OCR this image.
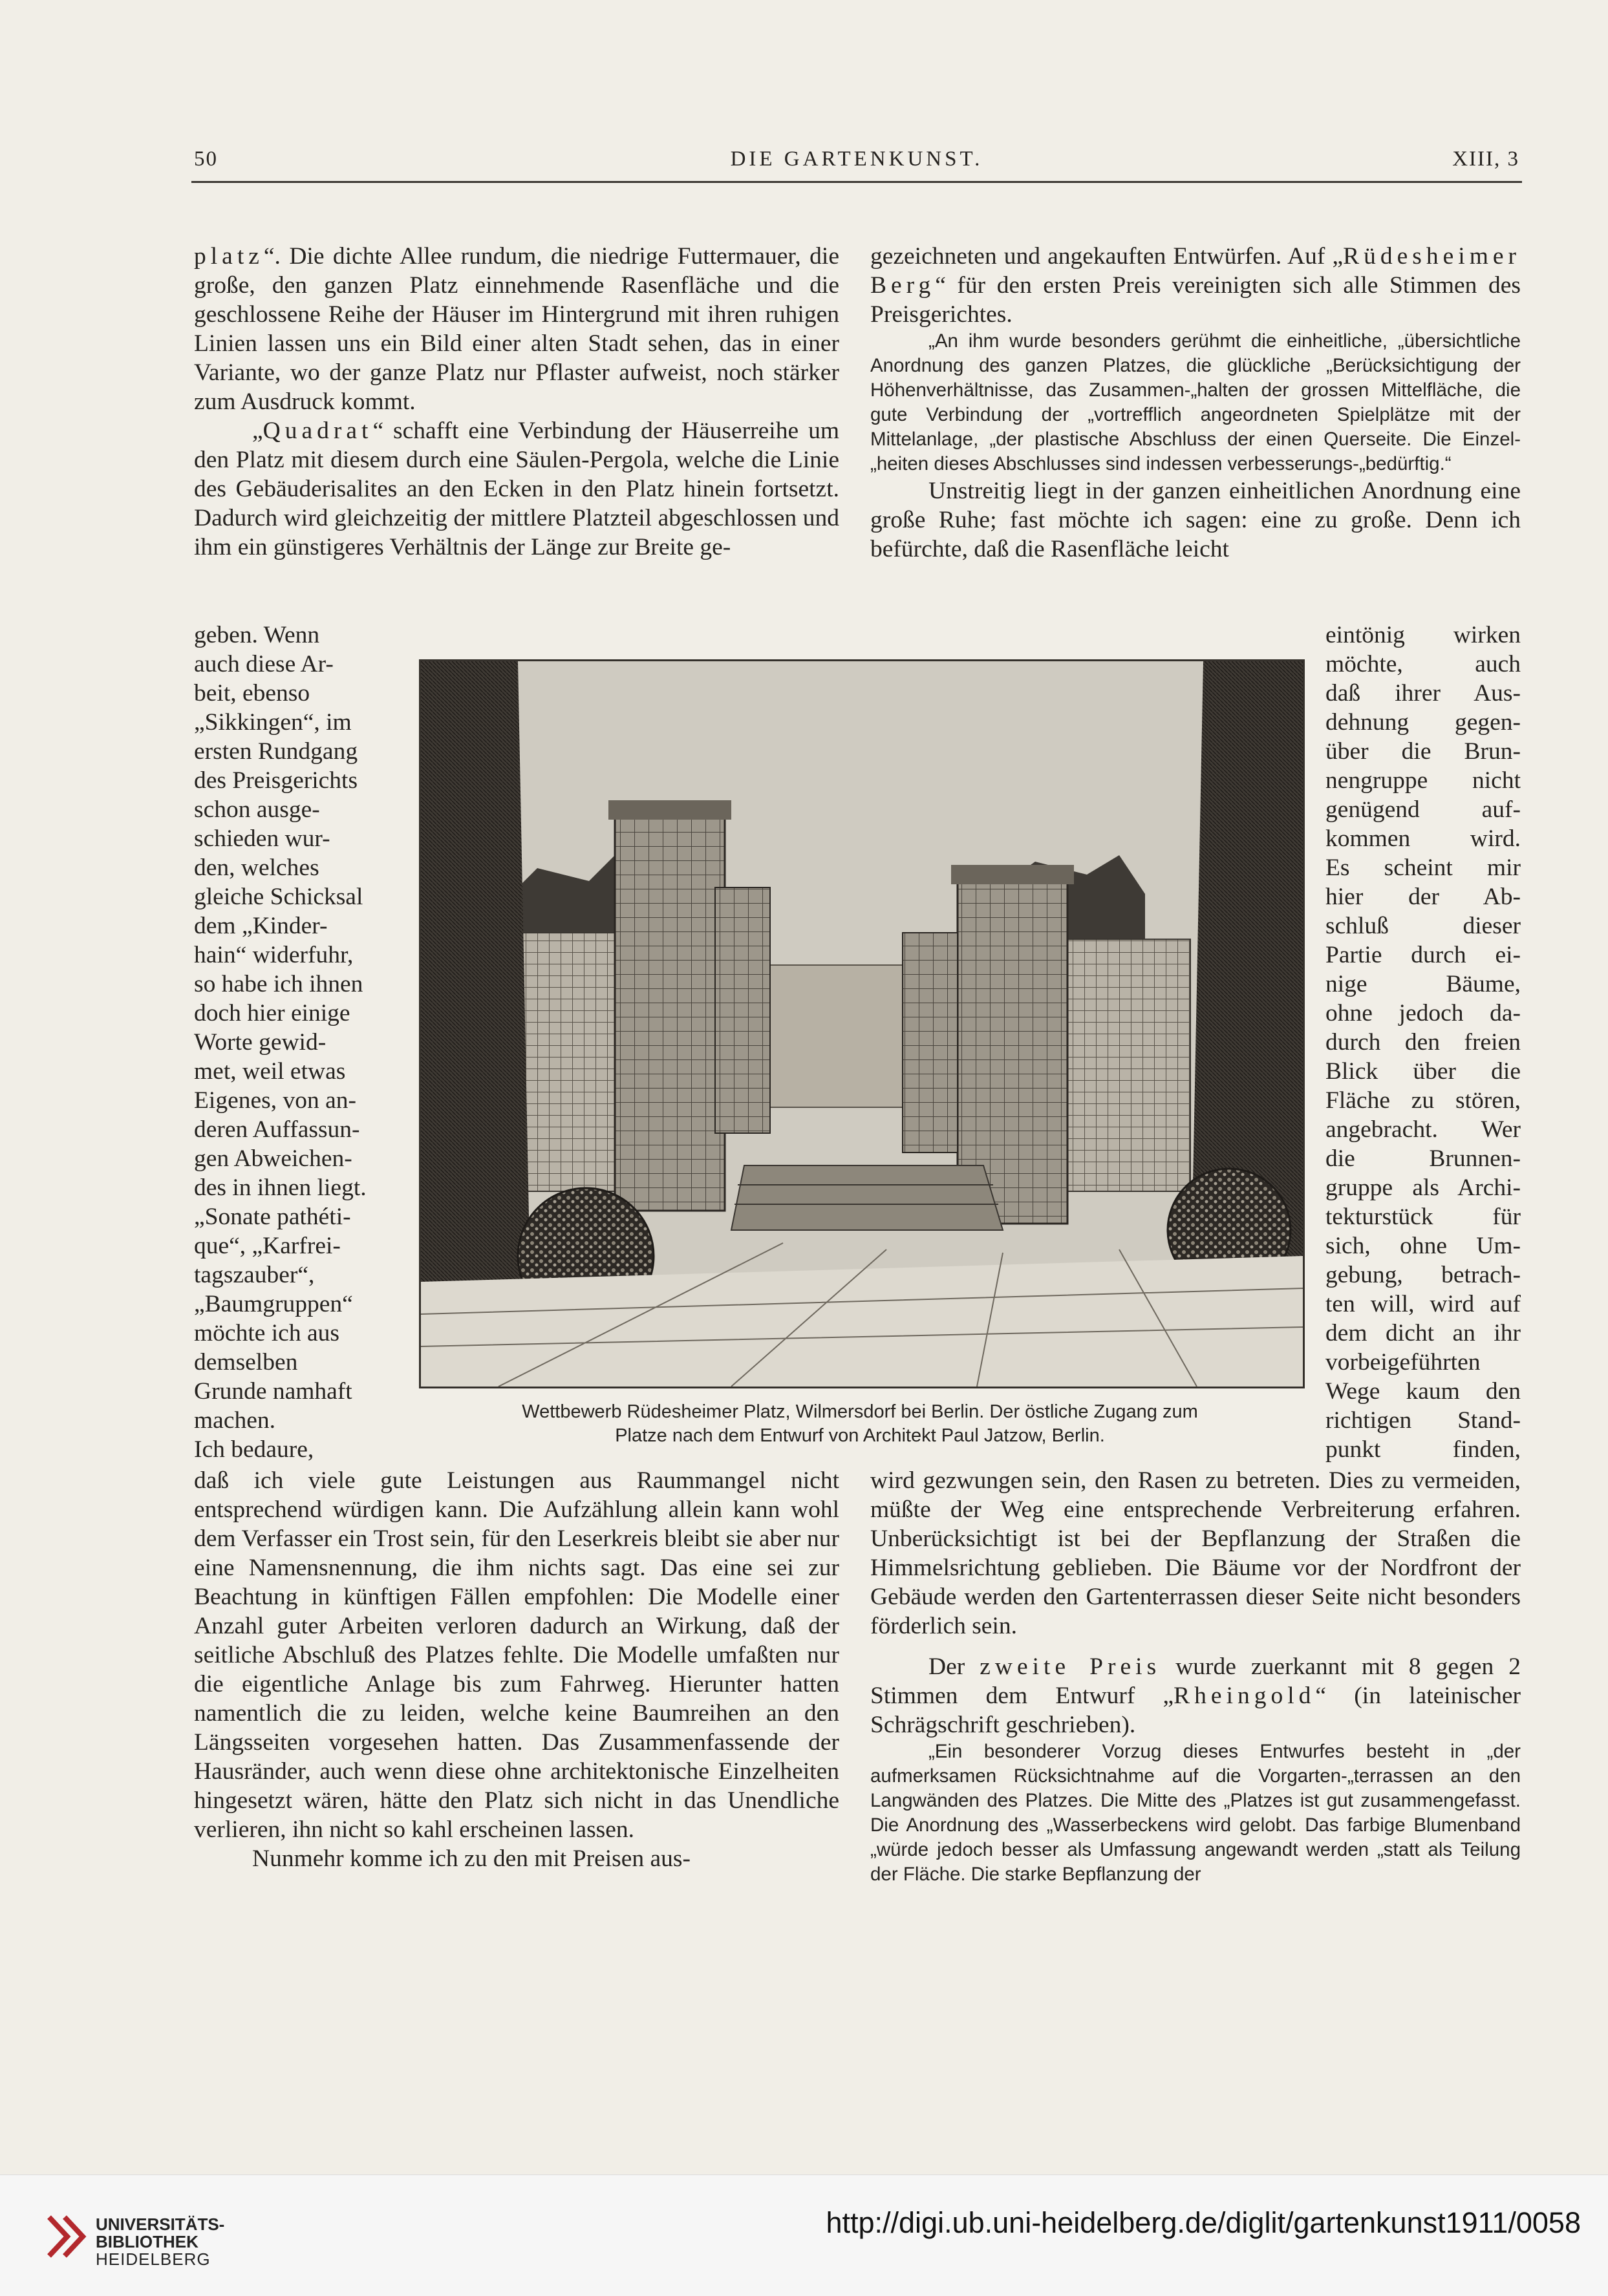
50	DIE GARTENKUNST.	XIII, 3

platz“. Die dichte Allee rundum, die niedrige Futtermauer, die große, den ganzen Platz einnehmende Rasenfläche und die geschlossene Reihe der Häuser im Hintergrund mit ihren ruhigen Linien lassen uns ein Bild einer alten Stadt sehen, das in einer Variante, wo der ganze Platz nur Pflaster aufweist, noch stärker zum Ausdruck kommt.

„Quadrat“ schafft eine Verbindung der Häuserreihe um den Platz mit diesem durch eine Säulen-Pergola, welche die Linie des Gebäuderisalites an den Ecken in den Platz hinein fortsetzt. Dadurch wird gleichzeitig der mittlere Platzteil abgeschlossen und ihm ein günstigeres Verhältnis der Länge zur Breite ge-

geben. Wenn
auch diese Ar-
beit, ebenso
„Sikkingen“, im
ersten Rundgang
des Preisgerichts
schon ausge-
schieden wur-
den, welches
gleiche Schicksal
dem „Kinder-
hain“ widerfuhr,
so habe ich ihnen
doch hier einige
Worte gewid-
met, weil etwas
Eigenes, von an-
deren Auffassun-
gen Abweichen-
des in ihnen liegt.
„Sonate pathéti-
que“, „Karfrei-
tagszauber“,
„Baumgruppen“
möchte ich aus
demselben
Grunde namhaft
machen.
Ich bedaure,

gezeichneten und angekauften Entwürfen. Auf „Rüdesheimer Berg“ für den ersten Preis vereinigten sich alle Stimmen des Preisgerichtes.

„An ihm wurde besonders gerühmt die einheitliche, „übersichtliche Anordnung des ganzen Platzes, die glückliche „Berücksichtigung der Höhenverhältnisse, das Zusammen-„halten der grossen Mittelfläche, die gute Verbindung der „vortrefflich angeordneten Spielplätze mit der Mittelanlage, „der plastische Abschluss der einen Querseite. Die Einzel-„heiten dieses Abschlusses sind indessen verbesserungs-„bedürftig.“

Unstreitig liegt in der ganzen einheitlichen Anordnung eine große Ruhe; fast möchte ich sagen: eine zu große. Denn ich befürchte, daß die Rasenfläche leicht

eintönig wirken
möchte, auch
daß ihrer Aus-
dehnung gegen-
über die Brun-
nengruppe nicht
genügend auf-
kommen wird.
Es scheint mir
hier der Ab-
schluß dieser
Partie durch ei-
nige Bäume,
ohne jedoch da-
durch den freien
Blick über die
Fläche zu stören,
angebracht. Wer
die Brunnen-
gruppe als Archi-
tekturstück für
sich, ohne Um-
gebung, betrach-
ten will, wird auf
dem dicht an ihr
vorbeigeführten
Wege kaum den
richtigen Stand-
punkt finden,
Wettbewerb Rüdesheimer Platz, Wilmersdorf bei Berlin. Der östliche Zugang zum
Platze nach dem Entwurf von Architekt Paul Jatzow, Berlin.

daß ich viele gute Leistungen aus Raummangel nicht entsprechend würdigen kann. Die Aufzählung allein kann wohl dem Verfasser ein Trost sein, für den Leserkreis bleibt sie aber nur eine Namensnennung, die ihm nichts sagt. Das eine sei zur Beachtung in künftigen Fällen empfohlen: Die Modelle einer Anzahl guter Arbeiten verloren dadurch an Wirkung, daß der seitliche Abschluß des Platzes fehlte. Die Modelle umfaßten nur die eigentliche Anlage bis zum Fahrweg. Hierunter hatten namentlich die zu leiden, welche keine Baumreihen an den Längsseiten vorgesehen hatten. Das Zusammenfassende der Hausränder, auch wenn diese ohne architektonische Einzelheiten hingesetzt wären, hätte den Platz sich nicht in das Unendliche verlieren, ihn nicht so kahl erscheinen lassen.

Nunmehr komme ich zu den mit Preisen aus-

wird gezwungen sein, den Rasen zu betreten. Dies zu vermeiden, müßte der Weg eine entsprechende Verbreiterung erfahren. Unberücksichtigt ist bei der Bepflanzung der Straßen die Himmelsrichtung geblieben. Die Bäume vor der Nordfront der Gebäude werden den Gartenterrassen dieser Seite nicht besonders förderlich sein.

Der zweite Preis wurde zuerkannt mit 8 gegen 2 Stimmen dem Entwurf „Rheingold“ (in lateinischer Schrägschrift geschrieben).

„Ein besonderer Vorzug dieses Entwurfes besteht in „der aufmerksamen Rücksichtnahme auf die Vorgarten-„terrassen an den Langwänden des Platzes. Die Mitte des „Platzes ist gut zusammengefasst. Die Anordnung des „Wasserbeckens wird gelobt. Das farbige Blumenband „würde jedoch besser als Umfassung angewandt werden „statt als Teilung der Fläche. Die starke Bepflanzung der

UNIVERSITÄTS-
BIBLIOTHEK
HEIDELBERG
http://digi.ub.uni-heidelberg.de/diglit/gartenkunst1911/0058
